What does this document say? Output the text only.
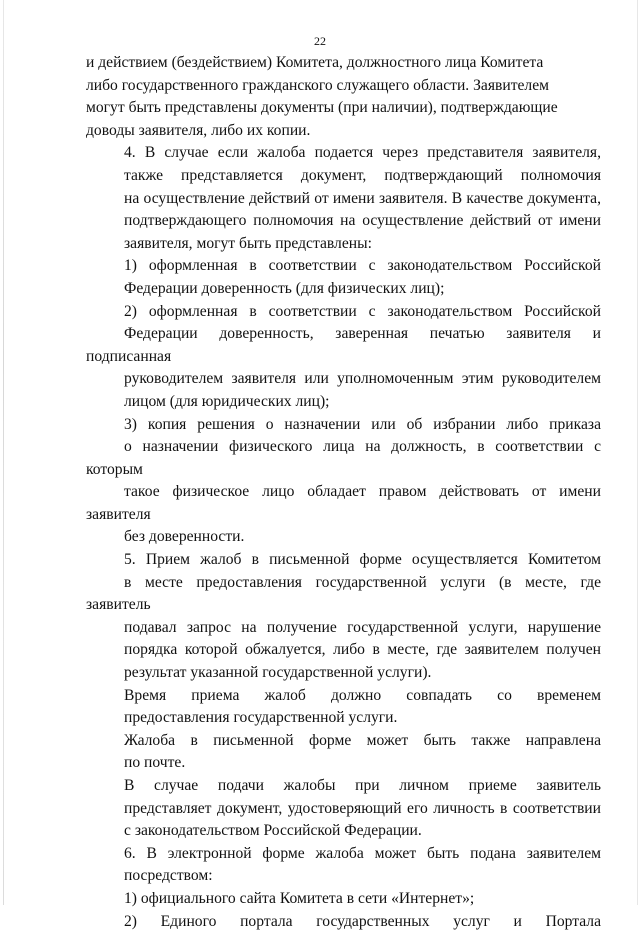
22

и действием (бездействием) Комитета, должностного лица Комитета
либо государственного гражданского служащего области. Заявителем
могут быть представлены документы (при наличии), подтверждающие
доводы заявителя, либо их копии.

4. В случае если жалоба подается через представителя заявителя,
также представляется документ, подтверждающий полномочия
на осуществление действий от имени заявителя. В качестве документа,
подтверждающего полномочия на осуществление действий от имени
заявителя, могут быть представлены:

1) оформленная в соответствии с законодательством Российской
Федерации доверенность (для физических лиц);

2) оформленная в соответствии с законодательством Российской
Федерации доверенность, заверенная печатью заявителя и подписанная
руководителем заявителя или уполномоченным этим руководителем
лицом (для юридических лиц);

3) копия решения о назначении или об избрании либо приказа
о назначении физического лица на должность, в соответствии с которым
такое физическое лицо обладает правом действовать от имени заявителя
без доверенности.

5. Прием жалоб в письменной форме осуществляется Комитетом
в месте предоставления государственной услуги (в месте, где заявитель
подавал запрос на получение государственной услуги, нарушение
порядка которой обжалуется, либо в месте, где заявителем получен
результат указанной государственной услуги).

Время приема жалоб должно совпадать со временем
предоставления государственной услуги.

Жалоба в письменной форме может быть также направлена
по почте.

В случае подачи жалобы при личном приеме заявитель
представляет документ, удостоверяющий его личность в соответствии
с законодательством Российской Федерации.

6. В электронной форме жалоба может быть подана заявителем
посредством:

1) официального сайта Комитета в сети «Интернет»;

2) Единого портала государственных услуг и Портала
